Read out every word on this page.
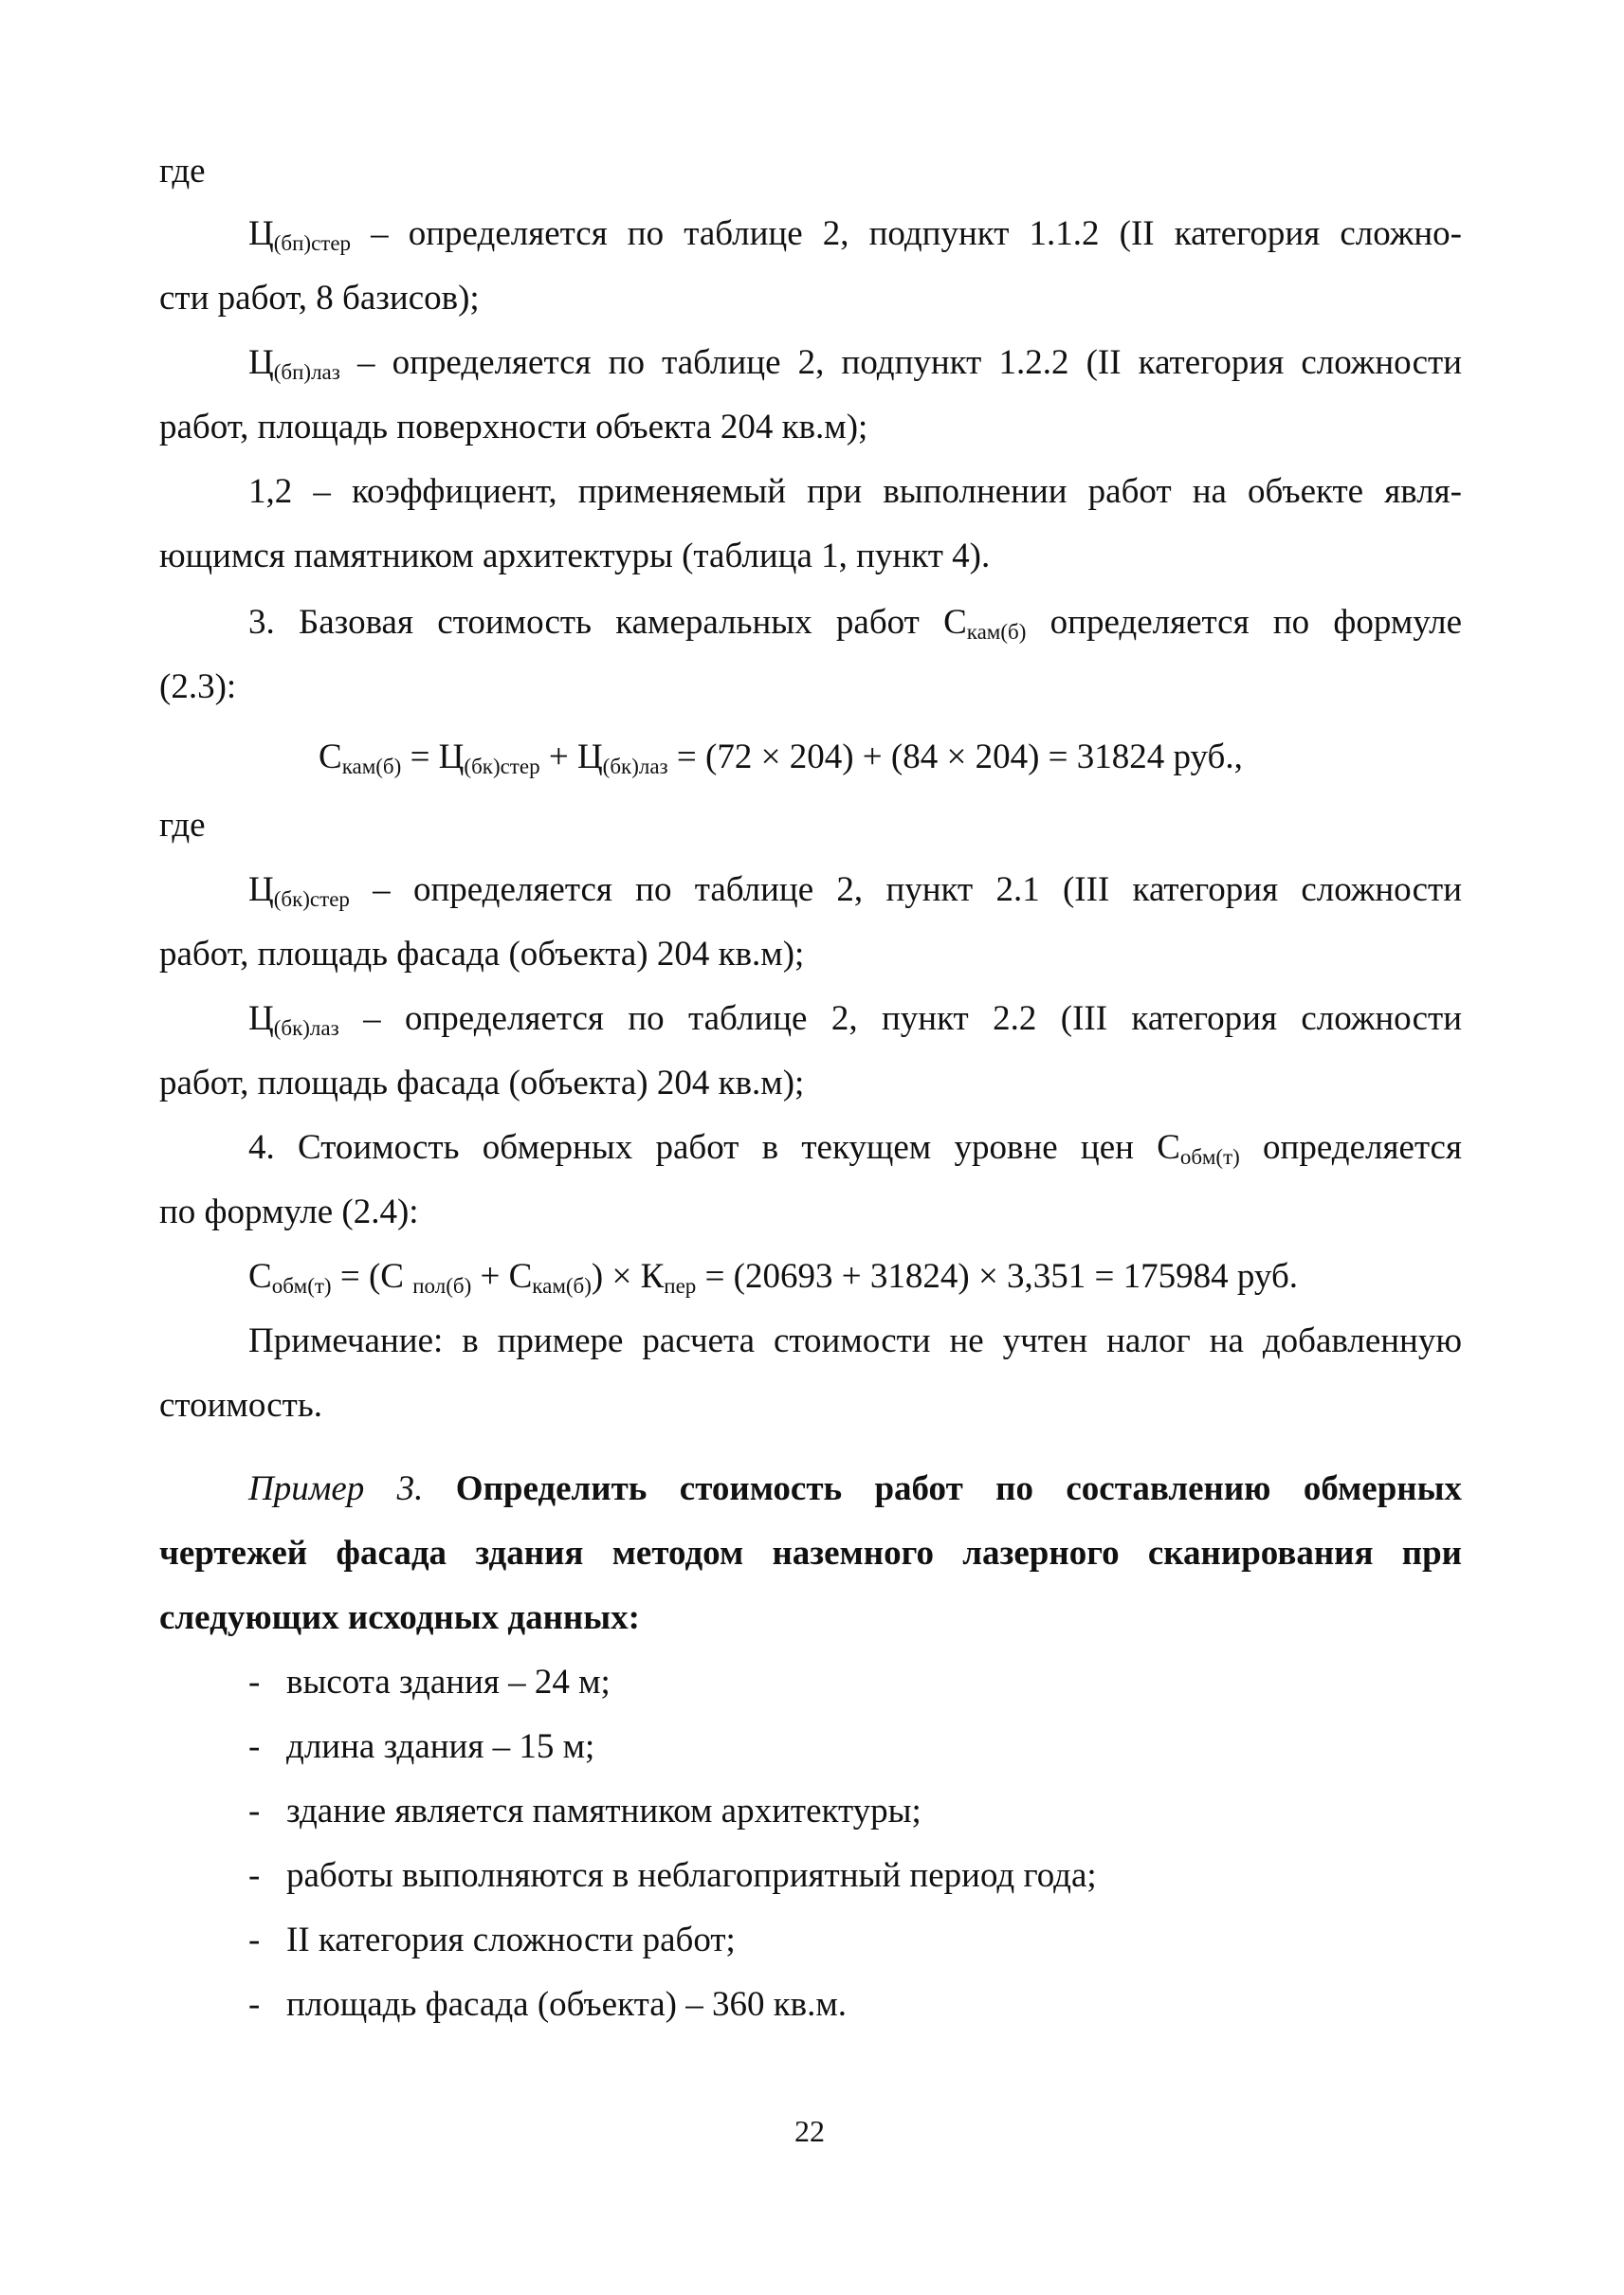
где
$Ц_{(бп)стер}$ – определяется по таблице 2, подпункт 1.1.2 (II категория сложно-
сти работ, 8 базисов);
$Ц_{(бп)лаз}$ – определяется по таблице 2, подпункт 1.2.2 (II категория сложности
работ, площадь поверхности объекта 204 кв.м);
1,2 – коэффициент, применяемый при выполнении работ на объекте явля-
ющимся памятником архитектуры (таблица 1, пункт 4).
3. Базовая стоимость камеральных работ $С_{кам(б)}$ определяется по формуле
(2.3):
$С_{кам(б)} = Ц_{(бк)стер} + Ц_{(бк)лаз} = (72 \times 204) + (84 \times 204) = 31824$ руб.,
где
$Ц_{(бк)стер}$ – определяется по таблице 2, пункт 2.1 (III категория сложности
работ, площадь фасада (объекта) 204 кв.м);
$Ц_{(бк)лаз}$ – определяется по таблице 2, пункт 2.2 (III категория сложности
работ, площадь фасада (объекта) 204 кв.м);
4. Стоимость обмерных работ в текущем уровне цен $С_{обм(т)}$ определяется
по формуле (2.4):
$С_{обм(т)} = (С$ $_{пол(б)} + С_{кам(б)}) \times К_{пер} = (20693 + 31824) \times 3,351 = 175984$ руб.
Примечание: в примере расчета стоимости не учтен налог на добавленную
стоимость.
Пример 3. Определить стоимость работ по составлению обмерных
чертежей фасада здания методом наземного лазерного сканирования при
следующих исходных данных:
- высота здания – 24 м;
- длина здания – 15 м;
- здание является памятником архитектуры;
- работы выполняются в неблагоприятный период года;
- II категория сложности работ;
- площадь фасада (объекта) – 360 кв.м.
22
